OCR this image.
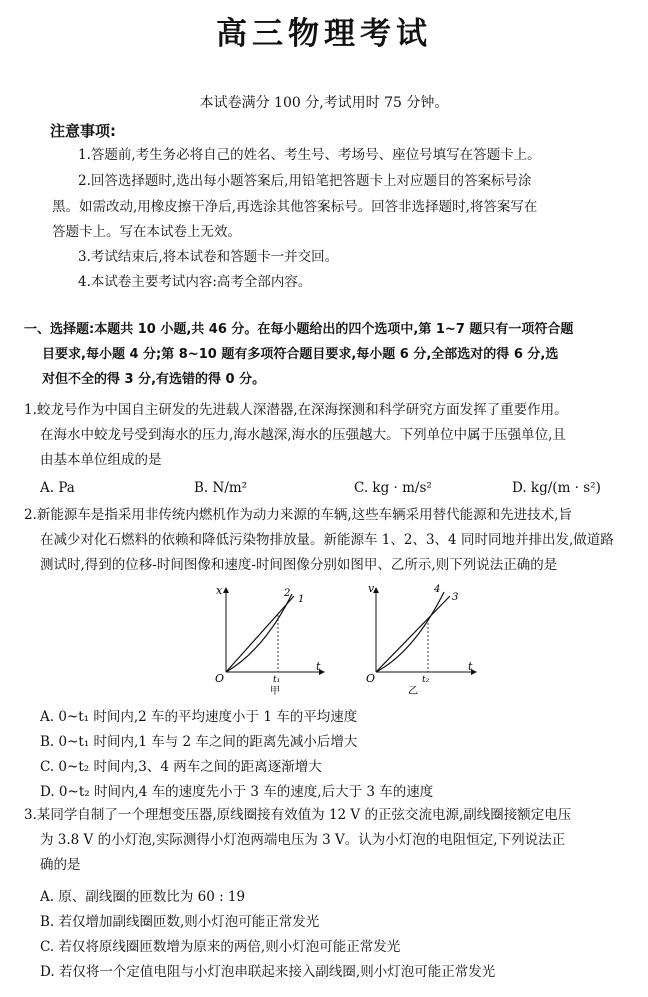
高三物理考试
本试卷满分 100 分,考试用时 75 分钟。
注意事项:
1.答题前,考生务必将自己的姓名、考生号、考场号、座位号填写在答题卡上。
2.回答选择题时,选出每小题答案后,用铅笔把答题卡上对应题目的答案标号涂
黑。如需改动,用橡皮擦干净后,再选涂其他答案标号。回答非选择题时,将答案写在
答题卡上。写在本试卷上无效。
3.考试结束后,将本试卷和答题卡一并交回。
4.本试卷主要考试内容:高考全部内容。
一、选择题:本题共 10 小题,共 46 分。在每小题给出的四个选项中,第 1~7 题只有一项符合题
目要求,每小题 4 分;第 8~10 题有多项符合题目要求,每小题 6 分,全部选对的得 6 分,选
对但不全的得 3 分,有选错的得 0 分。
1.蛟龙号作为中国自主研发的先进载人深潜器,在深海探测和科学研究方面发挥了重要作用。
在海水中蛟龙号受到海水的压力,海水越深,海水的压强越大。下列单位中属于压强单位,且
由基本单位组成的是
A. Pa	B. N/m²	C. kg · m/s²	D. kg/(m · s²)
2.新能源车是指采用非传统内燃机作为动力来源的车辆,这些车辆采用替代能源和先进技术,旨
在减少对化石燃料的依赖和降低污染物排放量。新能源车 1、2、3、4 同时同地并排出发,做道路
测试时,得到的位移-时间图像和速度-时间图像分别如图甲、乙所示,则下列说法正确的是
x
t
O	t₁
甲
2
1
v
t
O	t₂
乙
4
3
A. 0~t₁ 时间内,2 车的平均速度小于 1 车的平均速度
B. 0~t₁ 时间内,1 车与 2 车之间的距离先减小后增大
C. 0~t₂ 时间内,3、4 两车之间的距离逐渐增大
D. 0~t₂ 时间内,4 车的速度先小于 3 车的速度,后大于 3 车的速度
3.某同学自制了一个理想变压器,原线圈接有效值为 12 V 的正弦交流电源,副线圈接额定电压
为 3.8 V 的小灯泡,实际测得小灯泡两端电压为 3 V。认为小灯泡的电阻恒定,下列说法正
确的是
A. 原、副线圈的匝数比为 60 : 19
B. 若仅增加副线圈匝数,则小灯泡可能正常发光
C. 若仅将原线圈匝数增为原来的两倍,则小灯泡可能正常发光
D. 若仅将一个定值电阻与小灯泡串联起来接入副线圈,则小灯泡可能正常发光
